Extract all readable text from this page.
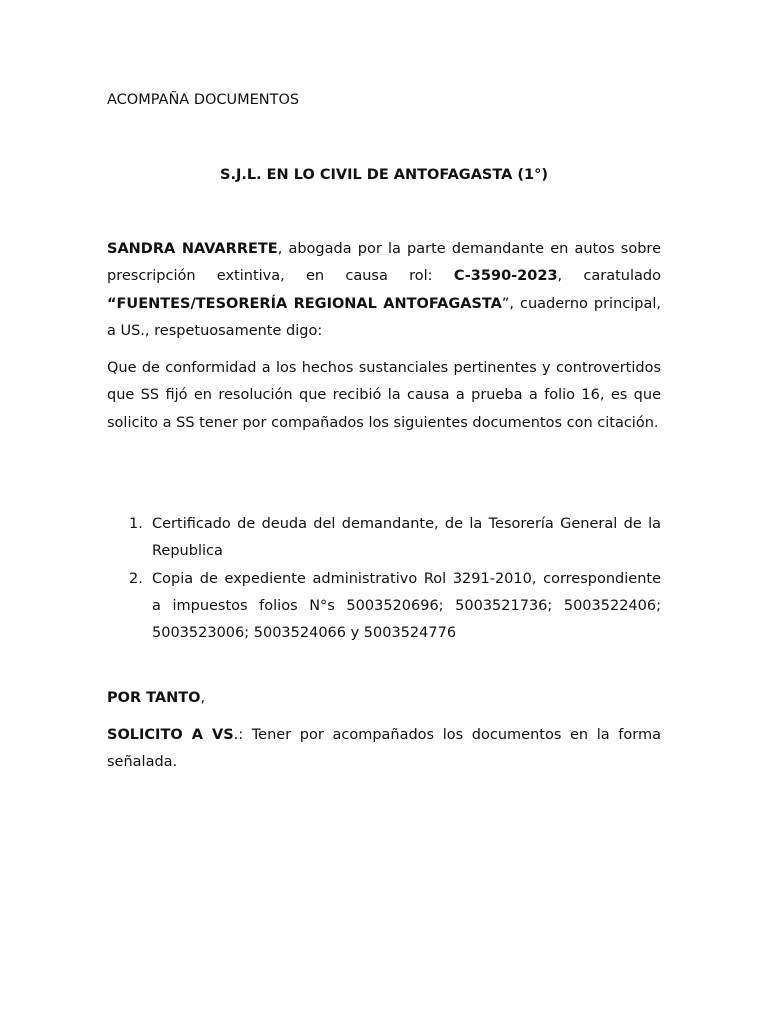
ACOMPAÑA DOCUMENTOS
S.J.L. EN LO CIVIL DE ANTOFAGASTA (1°)
SANDRA NAVARRETE, abogada por la parte demandante en autos sobre prescripción extintiva, en causa rol: C-3590-2023, caratulado “FUENTES/TESORERÍA REGIONAL ANTOFAGASTA”, cuaderno principal, a US., respetuosamente digo:
Que de conformidad a los hechos sustanciales pertinentes y controvertidos que SS fijó en resolución que recibió la causa a prueba a folio 16, es que solicito a SS tener por compañados los siguientes documentos con citación.
1. Certificado de deuda del demandante, de la Tesorería General de la Republica
2. Copia de expediente administrativo Rol 3291-2010, correspondiente a impuestos folios N°s 5003520696; 5003521736; 5003522406; 5003523006; 5003524066 y 5003524776
POR TANTO,
SOLICITO A VS.: Tener por acompañados los documentos en la forma señalada.
